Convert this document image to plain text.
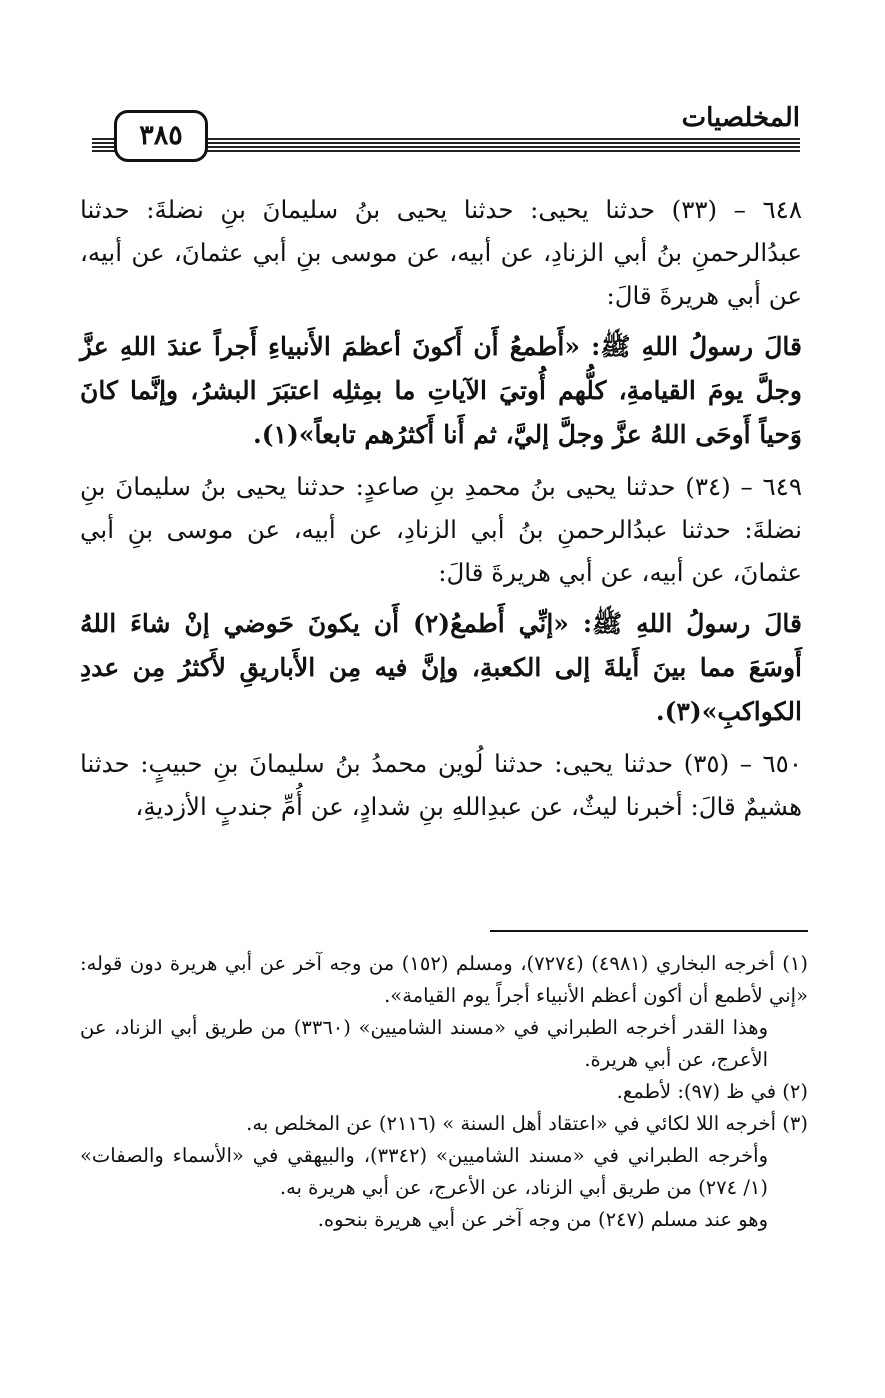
المخلصيات
٣٨٥

٦٤٨ – (٣٣) حدثنا يحيى: حدثنا يحيى بنُ سليمانَ بنِ نضلةَ: حدثنا عبدُالرحمنِ بنُ أبي الزنادِ، عن أبيه، عن موسى بنِ أبي عثمانَ، عن أبيه، عن أبي هريرةَ قالَ:

قالَ رسولُ اللهِ ﷺ: «أَطمعُ أَن أَكونَ أعظمَ الأَنبياءِ أَجراً عندَ اللهِ عزَّ وجلَّ يومَ القيامةِ، كلُّهم أُوتيَ الآياتِ ما بمِثلِه اعتبَرَ البشرُ، وإنَّما كانَ وَحياً أَوحَى اللهُ عزَّ وجلَّ إليَّ، ثم أَنا أَكثرُهم تابعاً»(١).

٦٤٩ – (٣٤) حدثنا يحيى بنُ محمدِ بنِ صاعدٍ: حدثنا يحيى بنُ سليمانَ بنِ نضلةَ: حدثنا عبدُالرحمنِ بنُ أبي الزنادِ، عن أبيه، عن موسى بنِ أبي عثمانَ، عن أبيه، عن أبي هريرةَ قالَ:

قالَ رسولُ اللهِ ﷺ: «إنِّي أَطمعُ(٢) أَن يكونَ حَوضي إنْ شاءَ اللهُ أَوسَعَ مما بينَ أَيلةَ إلى الكعبةِ، وإنَّ فيه مِن الأَباريقِ لأَكثرُ مِن عددِ الكواكبِ»(٣).

٦٥٠ – (٣٥) حدثنا يحيى: حدثنا لُوين محمدُ بنُ سليمانَ بنِ حبيبٍ: حدثنا هشيمٌ قالَ: أخبرنا ليثٌ، عن عبدِاللهِ بنِ شدادٍ، عن أُمِّ جندبٍ الأزديةِ،

(١) أخرجه البخاري (٤٩٨١) (٧٢٧٤)، ومسلم (١٥٢) من وجه آخر عن أبي هريرة دون قوله: «إني لأطمع أن أكون أعظم الأنبياء أجراً يوم القيامة».

وهذا القدر أخرجه الطبراني في «مسند الشاميين» (٣٣٦٠) من طريق أبي الزناد، عن الأعرج، عن أبي هريرة.

(٢) في ظ (٩٧): لأطمع.

(٣) أخرجه اللا لكائي في «اعتقاد أهل السنة » (٢١١٦) عن المخلص به.

وأخرجه الطبراني في «مسند الشاميين» (٣٣٤٢)، والبيهقي في «الأسماء والصفات» (١/ ٢٧٤) من طريق أبي الزناد، عن الأعرج، عن أبي هريرة به.

وهو عند مسلم (٢٤٧) من وجه آخر عن أبي هريرة بنحوه.
